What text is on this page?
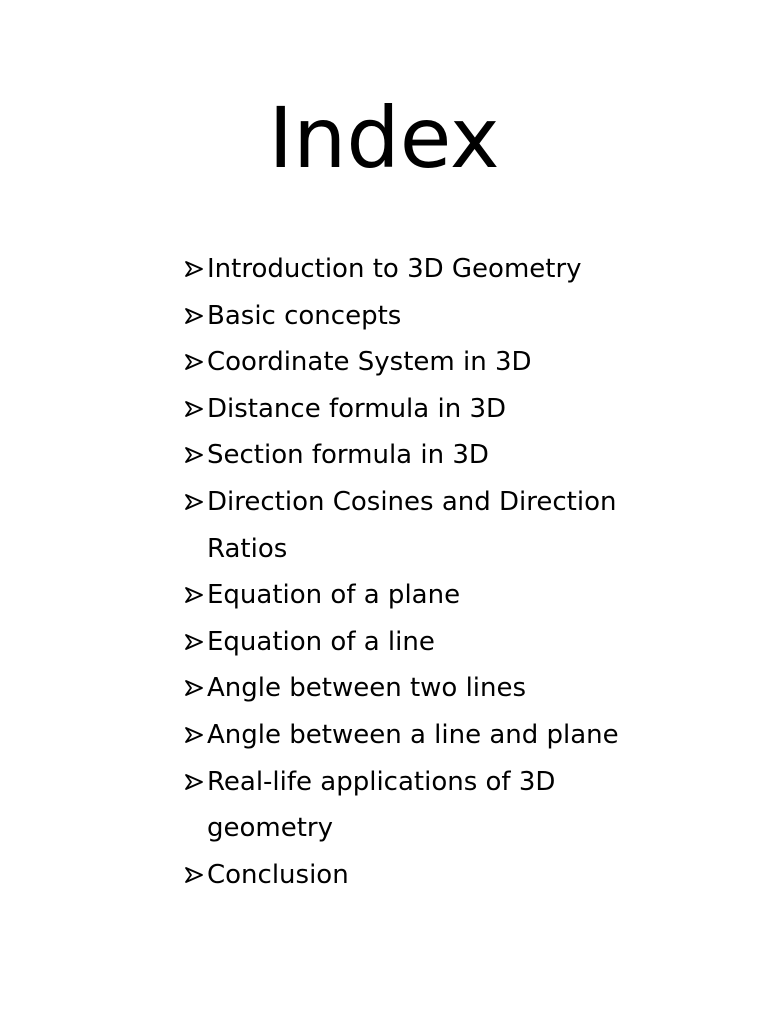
Index
Introduction to 3D Geometry
Basic concepts
Coordinate System in 3D
Distance formula in 3D
Section formula in 3D
Direction Cosines and Direction Ratios
Equation of a plane
Equation of a line
Angle between two lines
Angle between a line and plane
Real-life applications of 3D geometry
Conclusion
